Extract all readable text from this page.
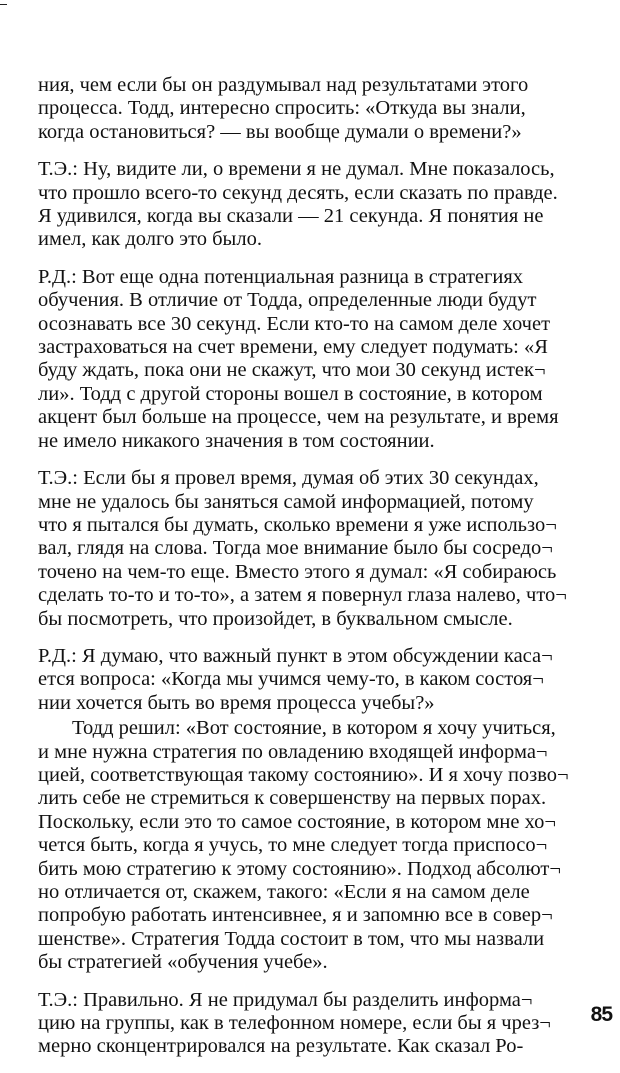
ния, чем если бы он раздумывал над результатами этого
процесса. Тодд, интересно спросить: «Откуда вы знали,
когда остановиться? — вы вообще думали о времени?»

Т.Э.: Ну, видите ли, о времени я не думал. Мне показалось,
что прошло всего-то секунд десять, если сказать по правде.
Я удивился, когда вы сказали — 21 секунда. Я понятия не
имел, как долго это было.

Р.Д.: Вот еще одна потенциальная разница в стратегиях
обучения. В отличие от Тодда, определенные люди будут
осознавать все 30 секунд. Если кто-то на самом деле хочет
застраховаться на счет времени, ему следует подумать: «Я
буду ждать, пока они не скажут, что мои 30 секунд истек¬
ли». Тодд с другой стороны вошел в состояние, в котором
акцент был больше на процессе, чем на результате, и время
не имело никакого значения в том состоянии.

Т.Э.: Если бы я провел время, думая об этих 30 секундах,
мне не удалось бы заняться самой информацией, потому
что я пытался бы думать, сколько времени я уже использо¬
вал, глядя на слова. Тогда мое внимание было бы сосредо¬
точено на чем-то еще. Вместо этого я думал: «Я собираюсь
сделать то-то и то-то», а затем я повернул глаза налево, что¬
бы посмотреть, что произойдет, в буквальном смысле.

Р.Д.: Я думаю, что важный пункт в этом обсуждении каса¬
ется вопроса: «Когда мы учимся чему-то, в каком состоя¬
нии хочется быть во время процесса учебы?»

Тодд решил: «Вот состояние, в котором я хочу учиться,
и мне нужна стратегия по овладению входящей информа¬
цией, соответствующая такому состоянию». И я хочу позво¬
лить себе не стремиться к совершенству на первых порах.
Поскольку, если это то самое состояние, в котором мне хо¬
чется быть, когда я учусь, то мне следует тогда приспосо¬
бить мою стратегию к этому состоянию». Подход абсолют¬
но отличается от, скажем, такого: «Если я на самом деле
попробую работать интенсивнее, я и запомню все в совер¬
шенстве». Стратегия Тодда состоит в том, что мы назвали
бы стратегией «обучения учебе».

Т.Э.: Правильно. Я не придумал бы разделить информа¬
цию на группы, как в телефонном номере, если бы я чрез¬
мерно сконцентрировался на результате. Как сказал Ро-

85
